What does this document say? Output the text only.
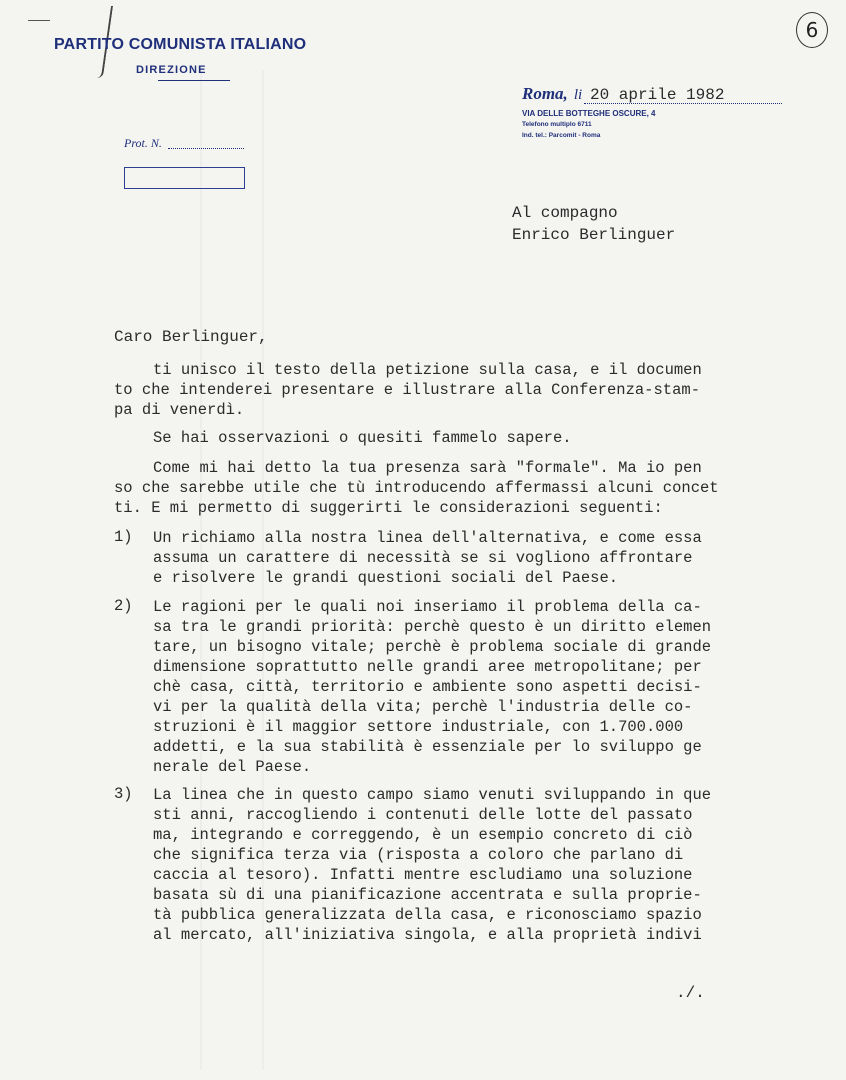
6
PARTITO COMUNISTA ITALIANO
DIREZIONE
Prot. N.
Roma, li 20 aprile 1982
VIA DELLE BOTTEGHE OSCURE, 4
Telefono multiplo 6711
Ind. tel.: Parcomit - Roma
Al compagno
Enrico Berlinguer
Caro Berlinguer,
ti unisco il testo della petizione sulla casa, e il documen
to che intenderei presentare e illustrare alla Conferenza-stam-
pa di venerdì.
Se hai osservazioni o quesiti fammelo sapere.
Come mi hai detto la tua presenza sarà "formale". Ma io pen
so che sarebbe utile che tù introducendo affermassi alcuni concet
ti. E mi permetto di suggerirti le considerazioni seguenti:
1) Un richiamo alla nostra linea dell'alternativa, e come essa
assuma un carattere di necessità se si vogliono affrontare
e risolvere le grandi questioni sociali del Paese.
2) Le ragioni per le quali noi inseriamo il problema della ca-
sa tra le grandi priorità: perchè questo è un diritto elemen
tare, un bisogno vitale; perchè è problema sociale di grande
dimensione soprattutto nelle grandi aree metropolitane; per
chè casa, città, territorio e ambiente sono aspetti decisi-
vi per la qualità della vita; perchè l'industria delle co-
struzioni è il maggior settore industriale, con 1.700.000
addetti, e la sua stabilità è essenziale per lo sviluppo ge
nerale del Paese.
3) La linea che in questo campo siamo venuti sviluppando in que
sti anni, raccogliendo i contenuti delle lotte del passato
ma, integrando e correggendo, è un esempio concreto di ciò
che significa terza via (risposta a coloro che parlano di
caccia al tesoro). Infatti mentre escludiamo una soluzione
basata sù di una pianificazione accentrata e sulla proprie-
tà pubblica generalizzata della casa, e riconosciamo spazio
al mercato, all'iniziativa singola, e alla proprietà indivi
./.
